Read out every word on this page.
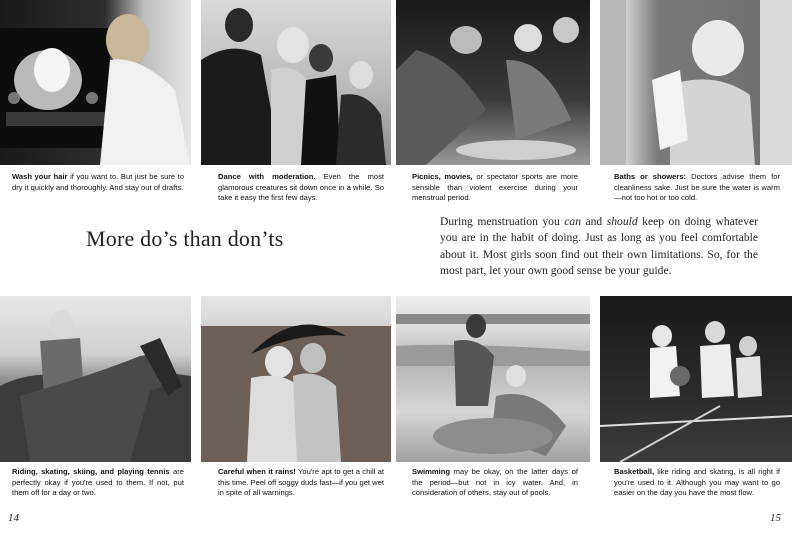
Wash your hair if you want to. But just be sure to dry it quickly and thoroughly. And stay out of drafts.
Dance with moderation. Even the most glamorous creatures sit down once in a while. So take it easy the first few days.
Picnics, movies, or spectator sports are more sensible than violent exercise during your menstrual period.
Baths or showers: Doctors advise them for cleanliness sake. Just be sure the water is warm—not too hot or too cold.
More do’s than don’ts
During menstruation you can and should keep on doing whatever you are in the habit of doing. Just as long as you feel comfortable about it. Most girls soon find out their own limitations. So, for the most part, let your own good sense be your guide.
Riding, skating, skiing, and playing tennis are perfectly okay if you're used to them. If not, put them off for a day or two.
Careful when it rains! You're apt to get a chill at this time. Peel off soggy duds fast—if you get wet in spite of all warnings.
Swimming may be okay, on the latter days of the period—but not in icy water. And, in consideration of others, stay out of pools.
Basketball, like riding and skating, is all right if you're used to it. Although you may want to go easier on the day you have the most flow.
14	15
